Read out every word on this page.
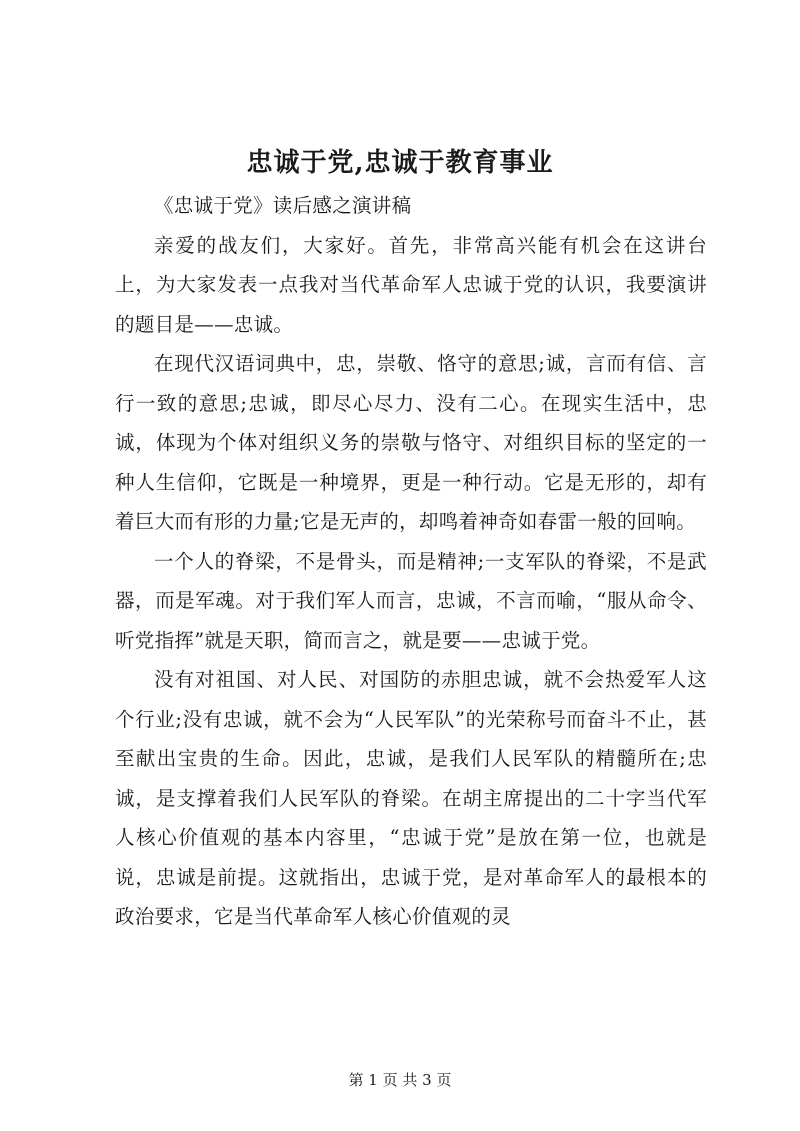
忠诚于党,忠诚于教育事业

《忠诚于党》读后感之演讲稿

亲爱的战友们，大家好。首先，非常高兴能有机会在这讲台上，为大家发表一点我对当代革命军人忠诚于党的认识，我要演讲的题目是——忠诚。

在现代汉语词典中，忠，崇敬、恪守的意思;诚，言而有信、言行一致的意思;忠诚，即尽心尽力、没有二心。在现实生活中，忠诚，体现为个体对组织义务的崇敬与恪守、对组织目标的坚定的一种人生信仰，它既是一种境界，更是一种行动。它是无形的，却有着巨大而有形的力量;它是无声的，却鸣着神奇如春雷一般的回响。

一个人的脊梁，不是骨头，而是精神;一支军队的脊梁，不是武器，而是军魂。对于我们军人而言，忠诚，不言而喻，“服从命令、听党指挥”就是天职，简而言之，就是要——忠诚于党。

没有对祖国、对人民、对国防的赤胆忠诚，就不会热爱军人这个行业;没有忠诚，就不会为“人民军队”的光荣称号而奋斗不止，甚至献出宝贵的生命。因此，忠诚，是我们人民军队的精髓所在;忠诚，是支撑着我们人民军队的脊梁。在胡主席提出的二十字当代军人核心价值观的基本内容里，“忠诚于党”是放在第一位，也就是说，忠诚是前提。这就指出，忠诚于党，是对革命军人的最根本的政治要求，它是当代革命军人核心价值观的灵

第 1 页 共 3 页
